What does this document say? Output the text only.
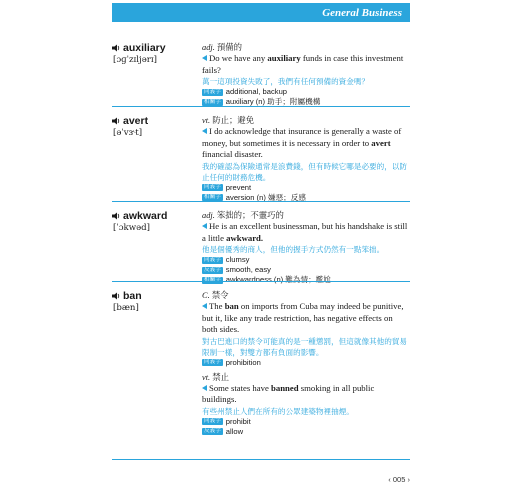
General Business
auxiliary
[ɔɡˈzɪljərɪ]
adj. 預備的
Do we have any auxiliary funds in case this investment fails?
萬一這項投資失敗了，我們有任何預備的資金嗎？
同義字 additional, backup
相關字 auxiliary (n) 助手；附屬機構
avert
[əˈvɝt]
vt. 防止；避免
I do acknowledge that insurance is generally a waste of money, but sometimes it is necessary in order to avert financial disaster.
我的確認為保險通常是浪費錢，但有時候它哪是必要的，以防止任何的財務危機。
同義字 prevent
相關字 aversion (n) 嫌惡；反感
awkward
[ˈɔkwəd]
adj. 笨拙的；不靈巧的
He is an excellent businessman, but his handshake is still a little awkward.
他是個優秀的商人，但他的握手方式仍然有一點笨拙。
同義字 clumsy
反義字 smooth, easy
相關字 awkwardness (n) 難為情；尷尬
ban
[bæn]
C. 禁令
The ban on imports from Cuba may indeed be punitive, but it, like any trade restriction, has negative effects on both sides.
對古巴進口的禁令可能真的是一種懲罰，但這就像其他的貿易限制一樣，對雙方都有負面的影響。
同義字 prohibition
vt. 禁止
Some states have banned smoking in all public buildings.
有些州禁止人們在所有的公眾建築物裡抽煙。
同義字 prohibit
反義字 allow
‹ 005 ›
